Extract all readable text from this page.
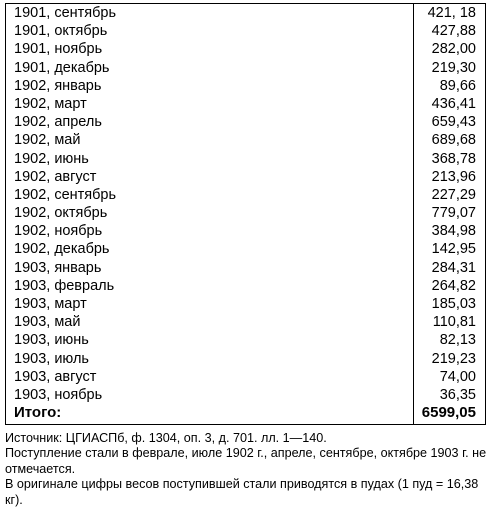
1901, сентябрь	421, 18
1901, октябрь	427,88
1901, ноябрь	282,00
1901, декабрь	219,30
1902, январь	89,66
1902, март	436,41
1902, апрель	659,43
1902, май	689,68
1902, июнь	368,78
1902, август	213,96
1902, сентябрь	227,29
1902, октябрь	779,07
1902, ноябрь	384,98
1902, декабрь	142,95
1903, январь	284,31
1903, февраль	264,82
1903, март	185,03
1903, май	110,81
1903, июнь	82,13
1903, июль	219,23
1903, август	74,00
1903, ноябрь	36,35
Итого:	6599,05

Источник: ЦГИАСПб, ф. 1304, оп. 3, д. 701. лл. 1—140.

Поступление стали в феврале, июле 1902 г., апреле, сентябре, октябре 1903 г. не отмечается.

В оригинале цифры весов поступившей стали приводятся в пудах (1 пуд = 16,38 кг).
